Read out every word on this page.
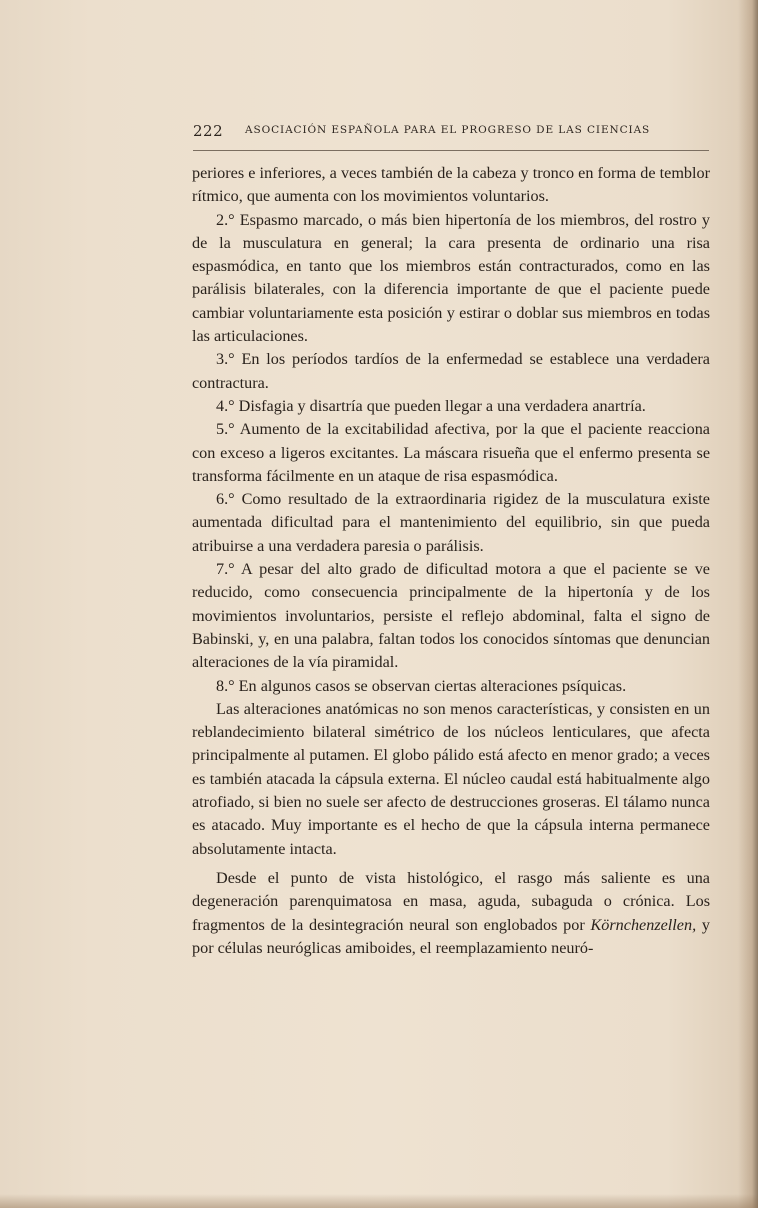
222 ASOCIACIÓN ESPAÑOLA PARA EL PROGRESO DE LAS CIENCIAS

periores e inferiores, a veces también de la cabeza y tronco en forma de temblor rítmico, que aumenta con los movimientos voluntarios.

2.° Espasmo marcado, o más bien hipertonía de los miembros, del rostro y de la musculatura en general; la cara presenta de ordinario una risa espasmódica, en tanto que los miembros están contracturados, como en las parálisis bilaterales, con la diferencia importante de que el paciente puede cambiar voluntariamente esta posición y estirar o doblar sus miembros en todas las articulaciones.

3.° En los períodos tardíos de la enfermedad se establece una verdadera contractura.

4.° Disfagia y disartría que pueden llegar a una verdadera anartría.

5.° Aumento de la excitabilidad afectiva, por la que el paciente reacciona con exceso a ligeros excitantes. La máscara risueña que el enfermo presenta se transforma fácilmente en un ataque de risa espasmódica.

6.° Como resultado de la extraordinaria rigidez de la musculatura existe aumentada dificultad para el mantenimiento del equilibrio, sin que pueda atribuirse a una verdadera paresia o parálisis.

7.° A pesar del alto grado de dificultad motora a que el paciente se ve reducido, como consecuencia principalmente de la hipertonía y de los movimientos involuntarios, persiste el reflejo abdominal, falta el signo de Babinski, y, en una palabra, faltan todos los conocidos síntomas que denuncian alteraciones de la vía piramidal.

8.° En algunos casos se observan ciertas alteraciones psíquicas.

Las alteraciones anatómicas no son menos características, y consisten en un reblandecimiento bilateral simétrico de los núcleos lenticulares, que afecta principalmente al putamen. El globo pálido está afecto en menor grado; a veces es también atacada la cápsula externa. El núcleo caudal está habitualmente algo atrofiado, si bien no suele ser afecto de destrucciones groseras. El tálamo nunca es atacado. Muy importante es el hecho de que la cápsula interna permanece absolutamente intacta.

Desde el punto de vista histológico, el rasgo más saliente es una degeneración parenquimatosa en masa, aguda, subaguda o crónica. Los fragmentos de la desintegración neural son englobados por Körnchenzellen, y por células neuróglicas amiboides, el reemplazamiento neuró-
